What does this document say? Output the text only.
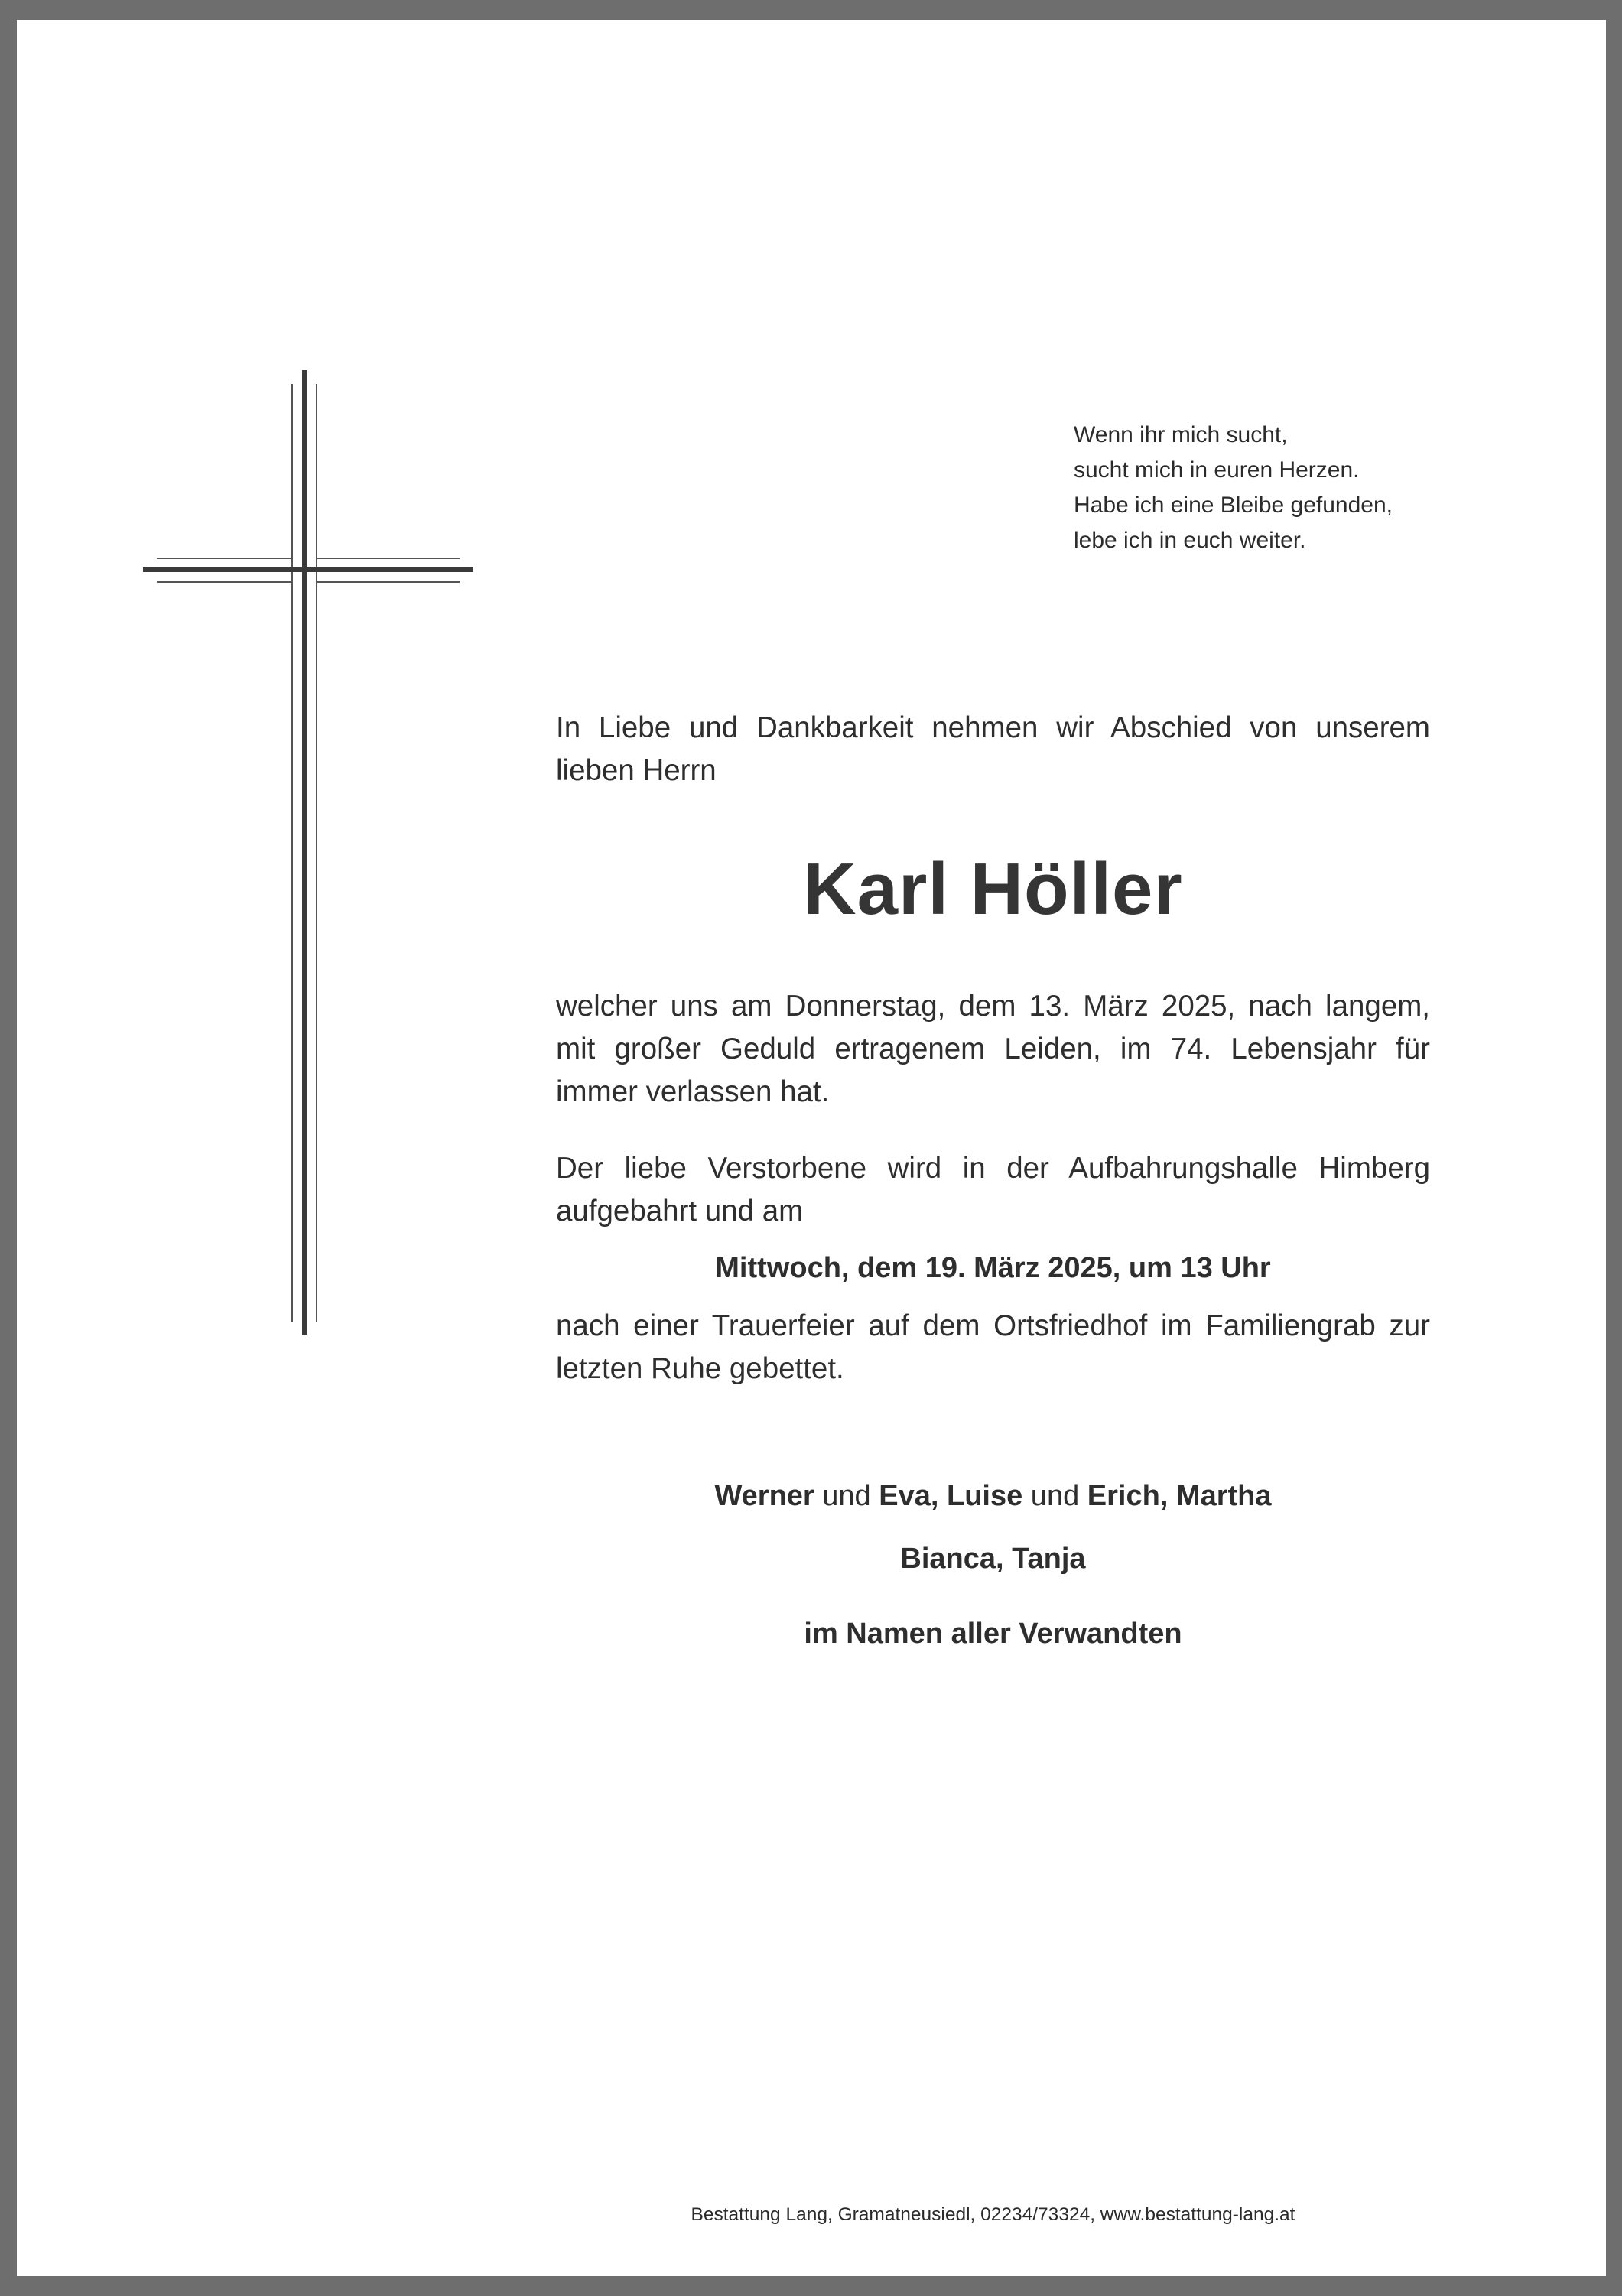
Wenn ihr mich sucht,
sucht mich in euren Herzen.
Habe ich eine Bleibe gefunden,
lebe ich in euch weiter.
In Liebe und Dankbarkeit nehmen wir Abschied von unserem lieben Herrn
Karl Höller
welcher uns am Donnerstag, dem 13. März 2025, nach langem, mit großer Geduld ertragenem Leiden, im 74. Lebensjahr für immer verlassen hat.
Der liebe Verstorbene wird in der Aufbahrungshalle Himberg aufgebahrt und am
Mittwoch, dem 19. März 2025, um 13 Uhr
nach einer Trauerfeier auf dem Ortsfriedhof im Familiengrab zur letzten Ruhe gebettet.
Werner und Eva, Luise und Erich, Martha
Bianca, Tanja
im Namen aller Verwandten
Bestattung Lang, Gramatneusiedl, 02234/73324, www.bestattung-lang.at
